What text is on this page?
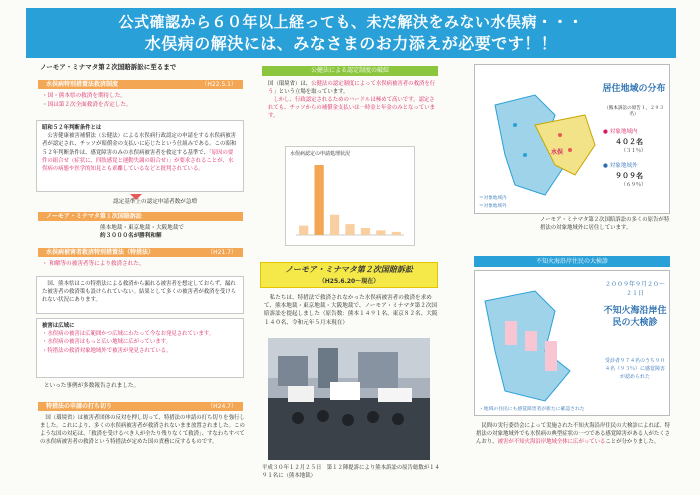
公式確認から６０年以上経っても、未だ解決をみない水俣病・・・
水俣病の解決には、みなさまのお力添えが必要です！！
ノーモア・ミナマタ第２次国賠訴訟に至るまで
水俣病特別措置法救済制度	（H22.5.1）
・国・熊本県の救済を期待した。
・国は第２次全面救済を否定した。
昭和５２年判断条件とは
　公害健康被害補償法（公健法）による水俣病行政認定の申請をする水俣病被害者が認定され、チッソが賠償金の支払いに応じたという仕組みである。この昭和５２年判断条件は、感覚障害のみの水俣病被害者を救定する基準で、「原因の要件の組合せ（症状に、四肢感覚と運動失調の組合せ）」が要求されることが、水俣病の病態や医学的知見とも乖離しているなどと批判されている。
認定基準上の認定申請者数が急増
ノーモア・ミナマタ第１次国賠訴訟
熊本地裁・東京地裁・大阪地裁で
約３０００名が勝利和解
水俣病被害者救済特別措置法（特措法）	（H21.7）
・ 和解等の被害者等により救済された。
　国、熊本県はこの特措法による救済から漏れる被害者を想定しておらず、漏れた被害者の救済策も設けられていない。結果として多くの被害者が救済を受けられない状況にあります。
被害は広域に
・水俣病の被害は広範囲かつ広域にわたって今なお発見されています。
・水俣病の被害はもっと広い地域に広がっています。
・特措法の救済対象地域外で被害が発見されている。
といった事例が多数報告されました。
特措法の申請の打ち切り	（H24.7）
　国（環境省）は被害者団体の反対を押し切って、特措法の申請の打ち切りを強行しました。これにより、多くの水俣病被害者が救済されないまま放置されました。このような国の対応は、「救済を受けるべき人が全たり残りなくて救済」、すなわちすべての水俣病被害者の救済という特措法が定めた国の責務に反するものです。
公健法による認定制度の破綻
国（環境省）は、公健法の認定制度によって水俣病被害者の救済を行う」という立場を取っています。
　しかし、行政認定されるためのハードルは極めて高いです。認定されても、チッソからの補償金支払いは一時金と年金のみとなっています。
水俣病認定の申請処理状況
ノーモア・ミナマタ第２次国賠訴訟
（H25.6.20～現在）
　私たちは、特措法で救済されなかった水俣病被害者の救済を求めて、熊本地裁・東京地裁・大阪地裁で、ノーモア・ミナマタ第２次国賠訴訟を提起しました（原告数：熊本１４９１名、東京８２名、大阪１４０名、令和元年５月末現在）
平成３０年１２月２５日　第１２陣提訴により熊本訴訟の原告総数が１４９１名に（熊本地裁）
水俣
居住地域の分布
（熊本訴訟の原告１，２９３名）
● 対象地域内
４０２名
（３１％）
● 対象地域外
９０９名
（６９％）
＝対象地域内
＝対象地域外
ノーモア・ミナマタ第２次国賠訴訟の多くの原告が特措法の対象地域外に居住しています。
不知火海沿岸住民の大検診
２００９年９月２０～２１日
不知火海沿岸住民の大検診
受診者９７４名のうち９０４名（９３％）に感覚障害が認められた
・地域の住民にも感覚障害者が新たに確認された
　民間の実行委員会によって実施された不知火海沿岸住民の大検診によれば、特措法の対象地域外でも水俣病の典型症状の一つである感覚障害がある人がたくさんおり、被害が不知火海沿岸地域全体に広がっていることが分かりました。
